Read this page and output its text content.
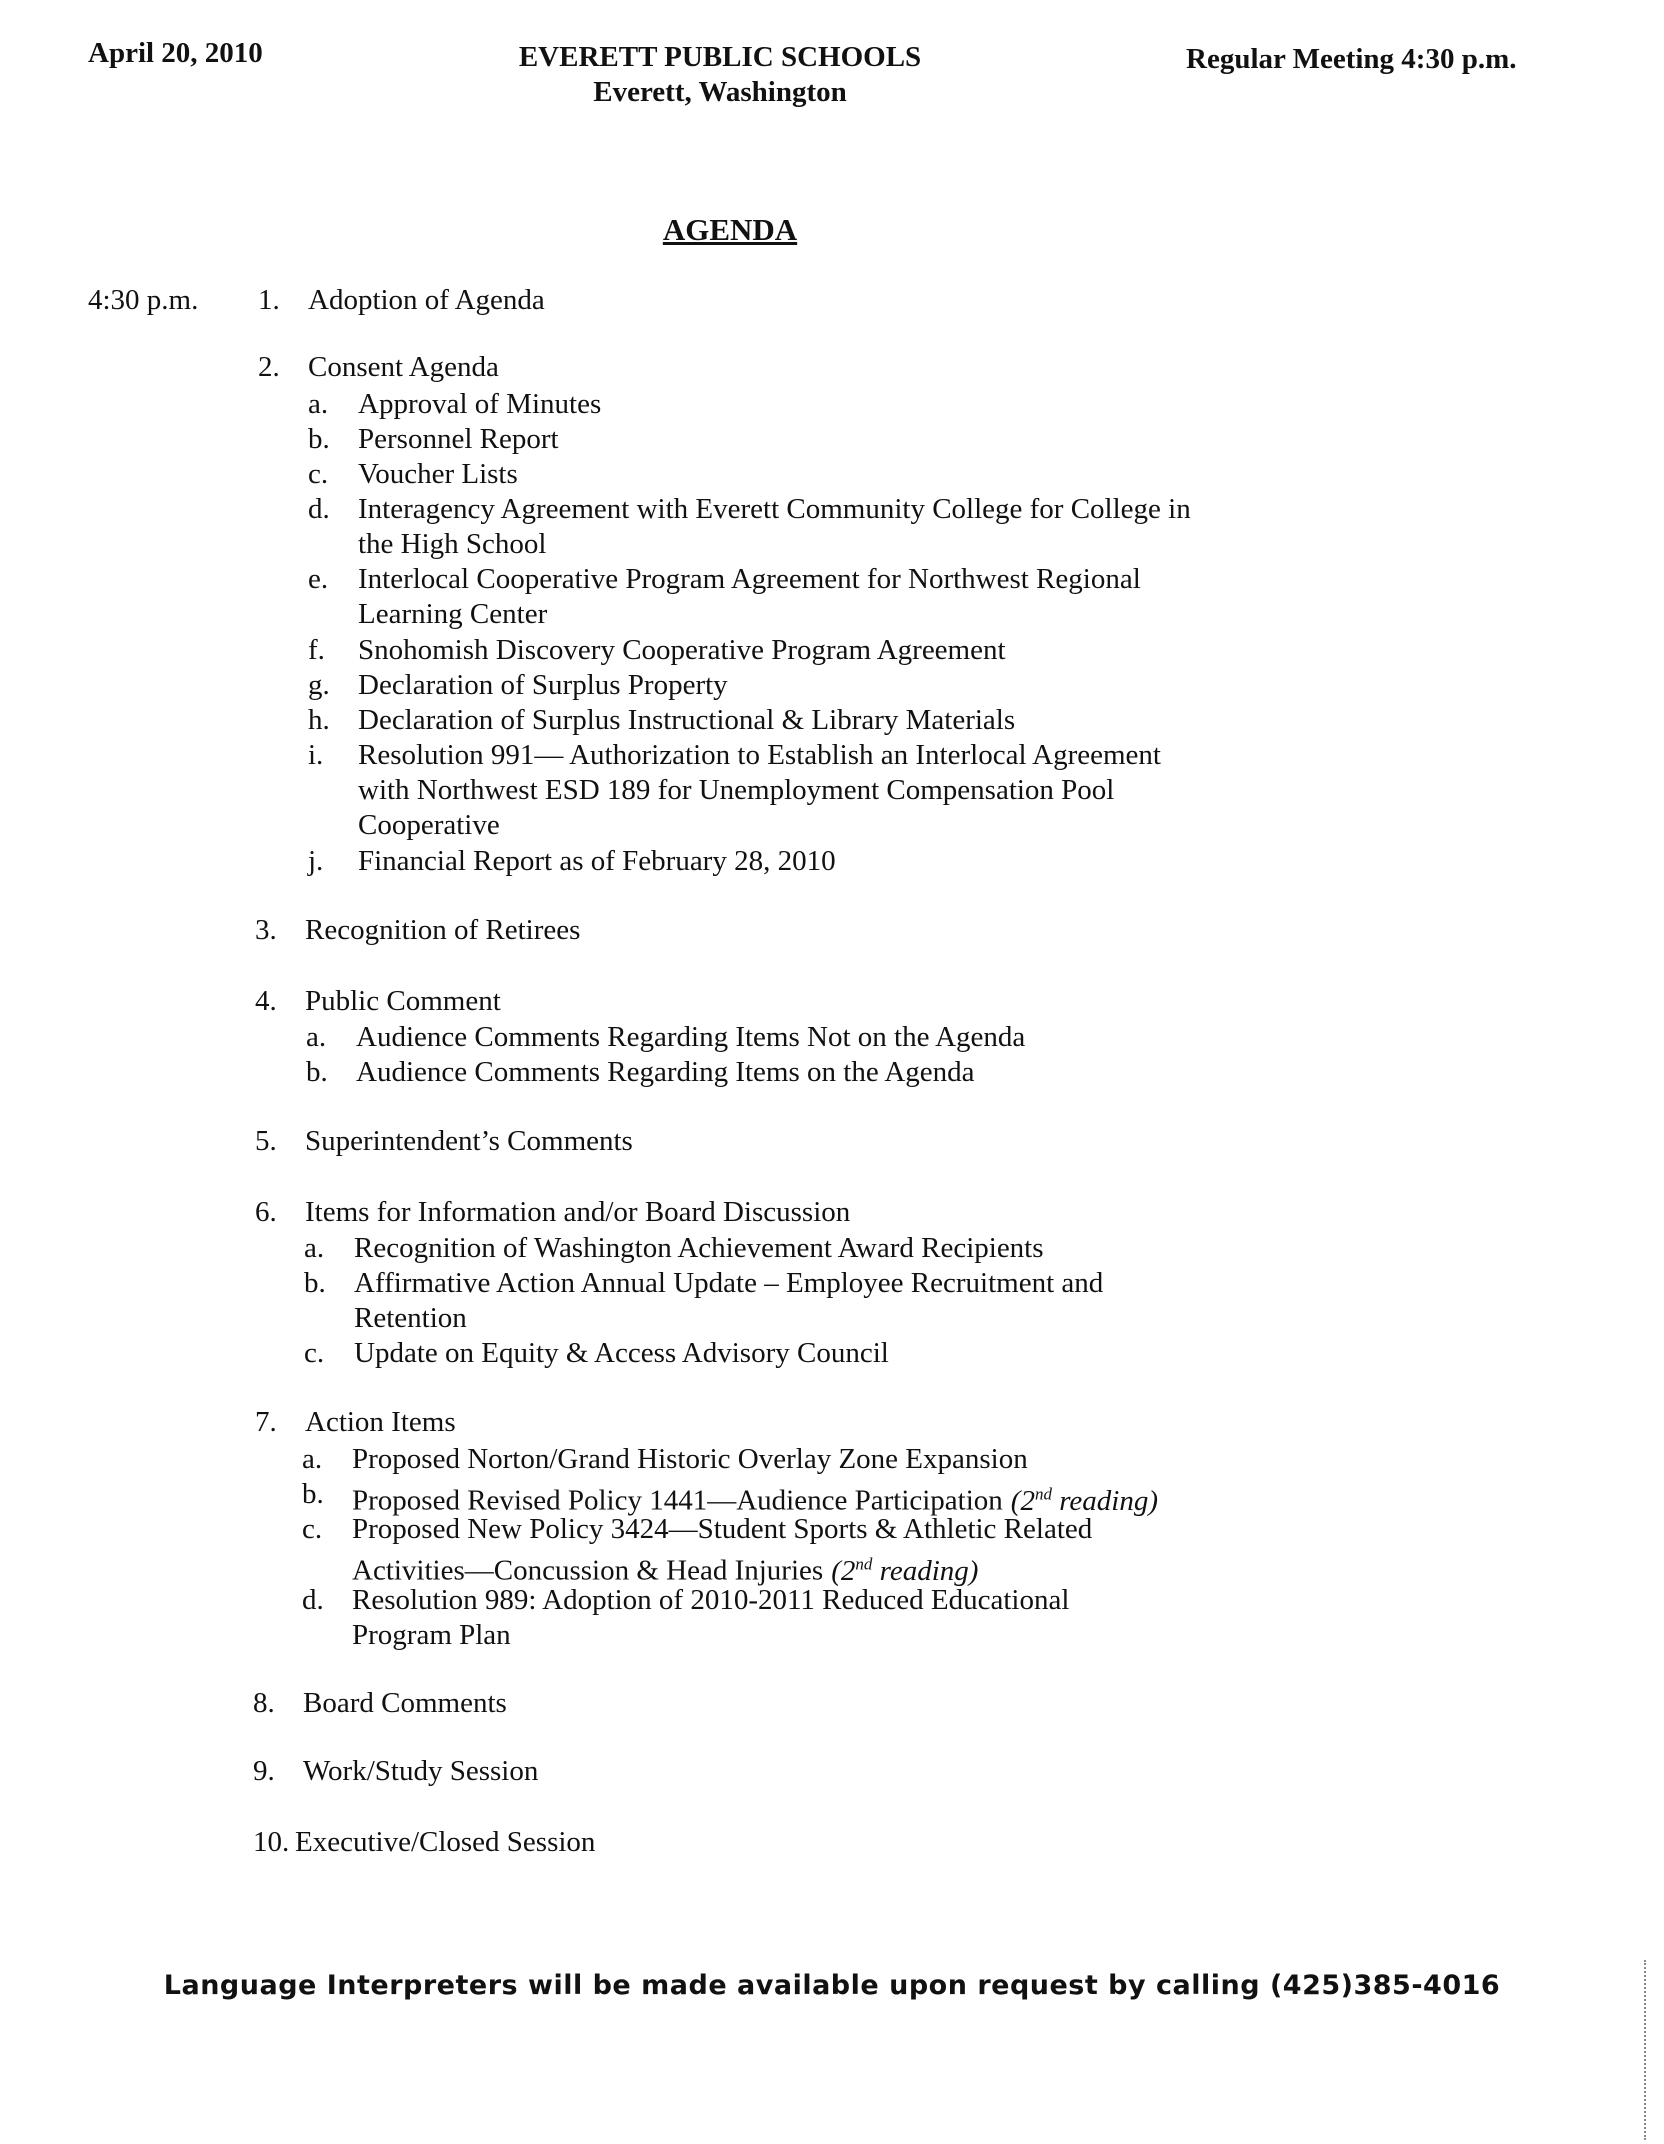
April 20, 2010	EVERETT PUBLIC SCHOOLS
Everett, Washington
Regular Meeting 4:30 p.m.
AGENDA
4:30 p.m. 1. Adoption of Agenda
2. Consent Agenda
a.	Approval of Minutes
b. Personnel Report
c.	Voucher Lists
d. Interagency Agreement with Everett Community College for College in
the High School
e.	Interlocal Cooperative Program Agreement for Northwest Regional
Learning Center
f.	Snohomish Discovery Cooperative Program Agreement
g. Declaration of Surplus Property
h. Declaration of Surplus Instructional & Library Materials
i.	Resolution 991— Authorization to Establish an Interlocal Agreement
with Northwest ESD 189 for Unemployment Compensation Pool
Cooperative
j.	Financial Report as of February 28, 2010
3. Recognition of Retirees
4. Public Comment
a.	Audience Comments Regarding Items Not on the Agenda
b. Audience Comments Regarding Items on the Agenda
5. Superintendent’s Comments
6. Items for Information and/or Board Discussion
a.	Recognition of Washington Achievement Award Recipients
b. Affirmative Action Annual Update – Employee Recruitment and
Retention
c.	Update on Equity & Access Advisory Council
7. Action Items
a.	Proposed Norton/Grand Historic Overlay Zone Expansion
b. Proposed Revised Policy 1441—Audience Participation (2nd reading)
c.	Proposed New Policy 3424—Student Sports & Athletic Related
Activities—Concussion & Head Injuries (2nd reading)
d. Resolution 989: Adoption of 2010-2011 Reduced Educational
Program Plan
8. Board Comments
9. Work/Study Session
10. Executive/Closed Session
Language Interpreters will be made available upon request by calling (425)385-4016
